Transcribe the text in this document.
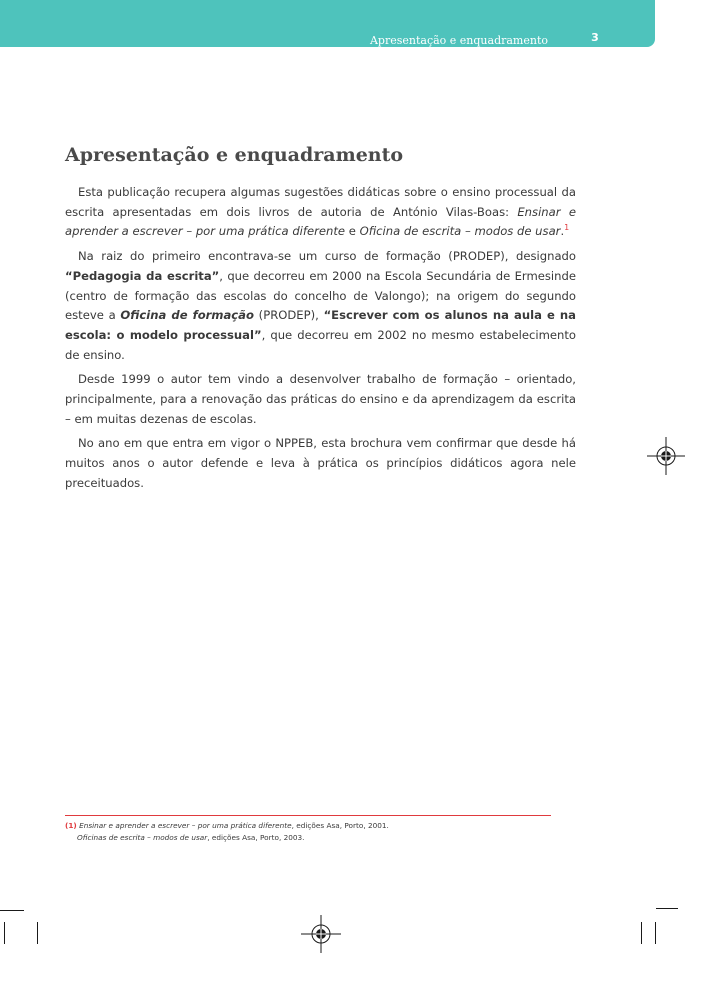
Apresentação e enquadramento	3
Apresentação e enquadramento

Esta publicação recupera algumas sugestões didáticas sobre o ensino processual da escrita apresentadas em dois livros de autoria de António Vilas-Boas: Ensinar e aprender a escrever – por uma prática diferente e Oficina de escrita – modos de usar.$^1$

Na raiz do primeiro encontrava-se um curso de formação (PRODEP), designado “Pedagogia da escrita”, que decorreu em 2000 na Escola Secundária de Ermesinde (centro de formação das escolas do concelho de Valongo); na origem do segundo esteve a Oficina de formação (PRODEP), “Escrever com os alunos na aula e na escola: o modelo processual”, que decorreu em 2002 no mesmo estabelecimento de ensino.

Desde 1999 o autor tem vindo a desenvolver trabalho de formação – orientado, principalmente, para a renovação das práticas do ensino e da aprendizagem da escrita – em muitas dezenas de escolas.

No ano em que entra em vigor o NPPEB, esta brochura vem confirmar que desde há muitos anos o autor defende e leva à prática os princípios didáticos agora nele preceituados.

(1) Ensinar e aprender a escrever – por uma prática diferente, edições Asa, Porto, 2001.
Oficinas de escrita – modos de usar, edições Asa, Porto, 2003.
